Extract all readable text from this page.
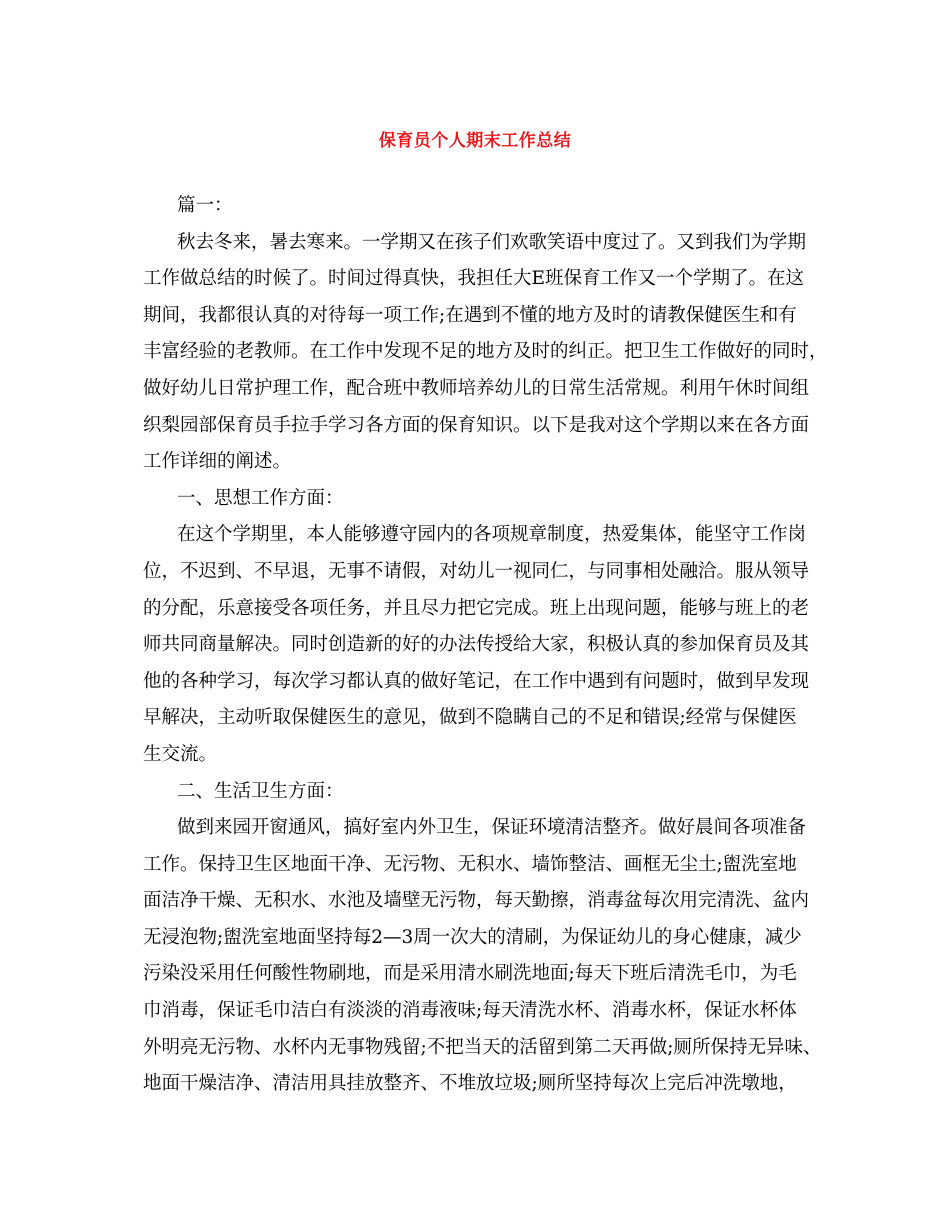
保育员个人期末工作总结
篇一：
秋去冬来，暑去寒来。一学期又在孩子们欢歌笑语中度过了。又到我们为学期
工作做总结的时候了。时间过得真快，我担任大E班保育工作又一个学期了。在这
期间，我都很认真的对待每一项工作;在遇到不懂的地方及时的请教保健医生和有
丰富经验的老教师。在工作中发现不足的地方及时的纠正。把卫生工作做好的同时，
做好幼儿日常护理工作，配合班中教师培养幼儿的日常生活常规。利用午休时间组
织梨园部保育员手拉手学习各方面的保育知识。以下是我对这个学期以来在各方面
工作详细的阐述。
一、思想工作方面：
在这个学期里，本人能够遵守园内的各项规章制度，热爱集体，能坚守工作岗
位，不迟到、不早退，无事不请假，对幼儿一视同仁，与同事相处融洽。服从领导
的分配，乐意接受各项任务，并且尽力把它完成。班上出现问题，能够与班上的老
师共同商量解决。同时创造新的好的办法传授给大家，积极认真的参加保育员及其
他的各种学习，每次学习都认真的做好笔记，在工作中遇到有问题时，做到早发现
早解决，主动听取保健医生的意见，做到不隐瞒自己的不足和错误;经常与保健医
生交流。
二、生活卫生方面：
做到来园开窗通风，搞好室内外卫生，保证环境清洁整齐。做好晨间各项准备
工作。保持卫生区地面干净、无污物、无积水、墙饰整洁、画框无尘土;盥洗室地
面洁净干燥、无积水、水池及墙壁无污物，每天勤擦，消毒盆每次用完清洗、盆内
无浸泡物;盥洗室地面坚持每2—3周一次大的清刷，为保证幼儿的身心健康，减少
污染没采用任何酸性物刷地，而是采用清水刷洗地面;每天下班后清洗毛巾，为毛
巾消毒，保证毛巾洁白有淡淡的消毒液味;每天清洗水杯、消毒水杯，保证水杯体
外明亮无污物、水杯内无事物残留;不把当天的活留到第二天再做;厕所保持无异味、
地面干燥洁净、清洁用具挂放整齐、不堆放垃圾;厕所坚持每次上完后冲洗墩地，
